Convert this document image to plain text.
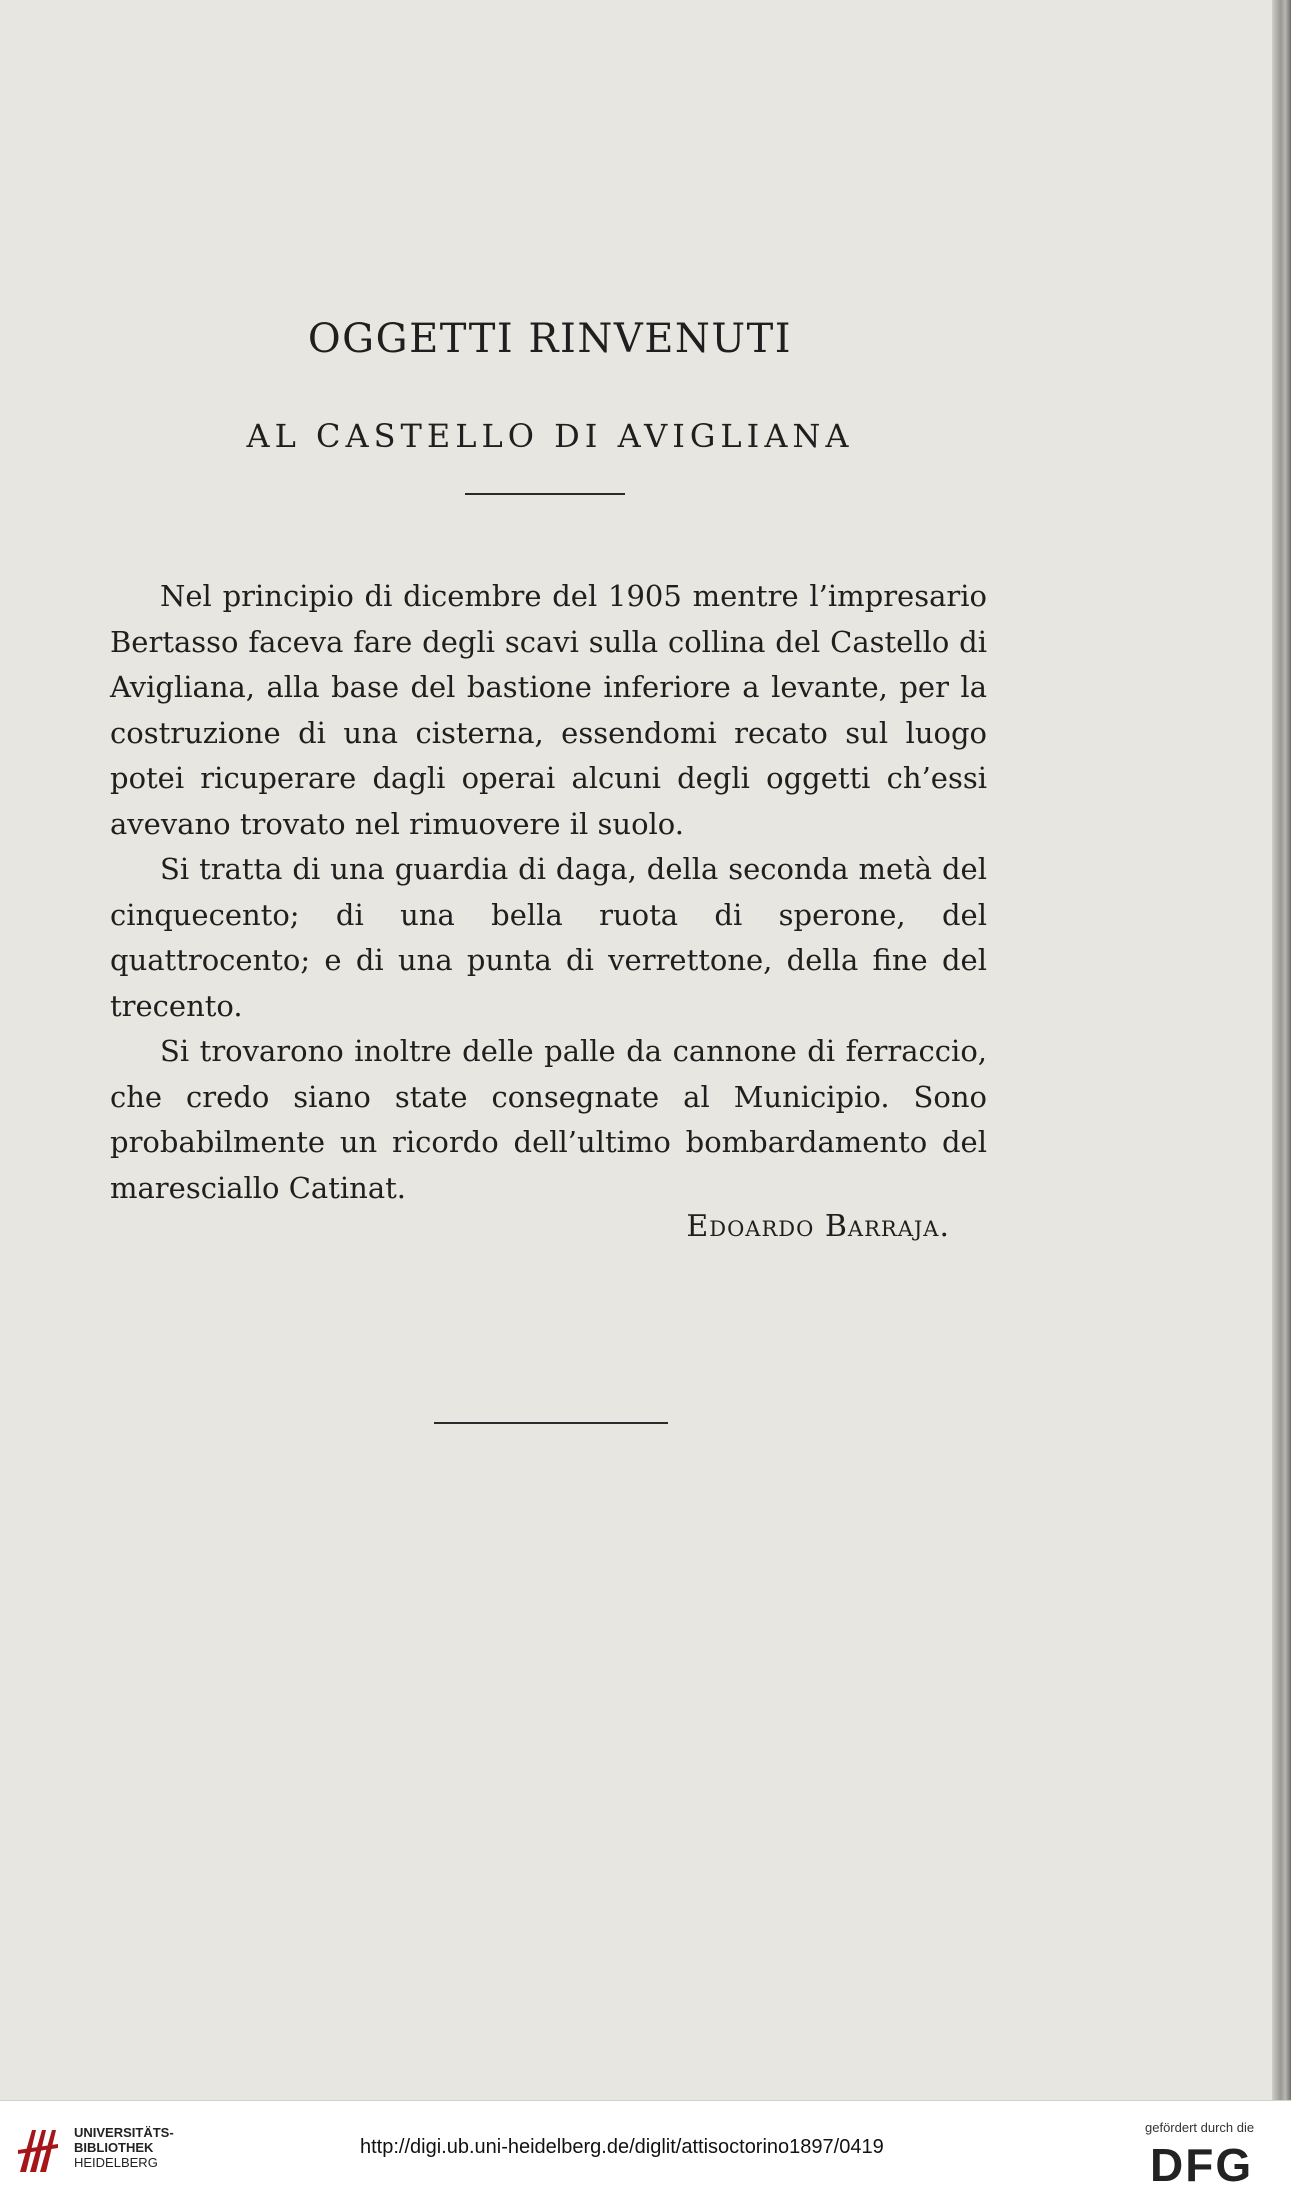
OGGETTI RINVENUTI
AL CASTELLO DI AVIGLIANA

Nel principio di dicembre del 1905 mentre l’impresario Bertasso faceva fare degli scavi sulla collina del Castello di Avigliana, alla base del bastione inferiore a levante, per la costruzione di una cisterna, essendomi recato sul luogo potei ricuperare dagli operai alcuni degli oggetti ch’essi avevano trovato nel rimuovere il suolo.

Si tratta di una guardia di daga, della seconda metà del cinquecento; di una bella ruota di sperone, del quattrocento; e di una punta di verrettone, della fine del trecento.

Si trovarono inoltre delle palle da cannone di ferraccio, che credo siano state consegnate al Municipio. Sono probabilmente un ricordo dell’ultimo bombardamento del maresciallo Catinat.

Edoardo Barraja.
UNIVERSITÄTS-
BIBLIOTHEK
HEIDELBERG
http://digi.ub.uni-heidelberg.de/diglit/attisoctorino1897/0419
gefördert durch die
DFG
